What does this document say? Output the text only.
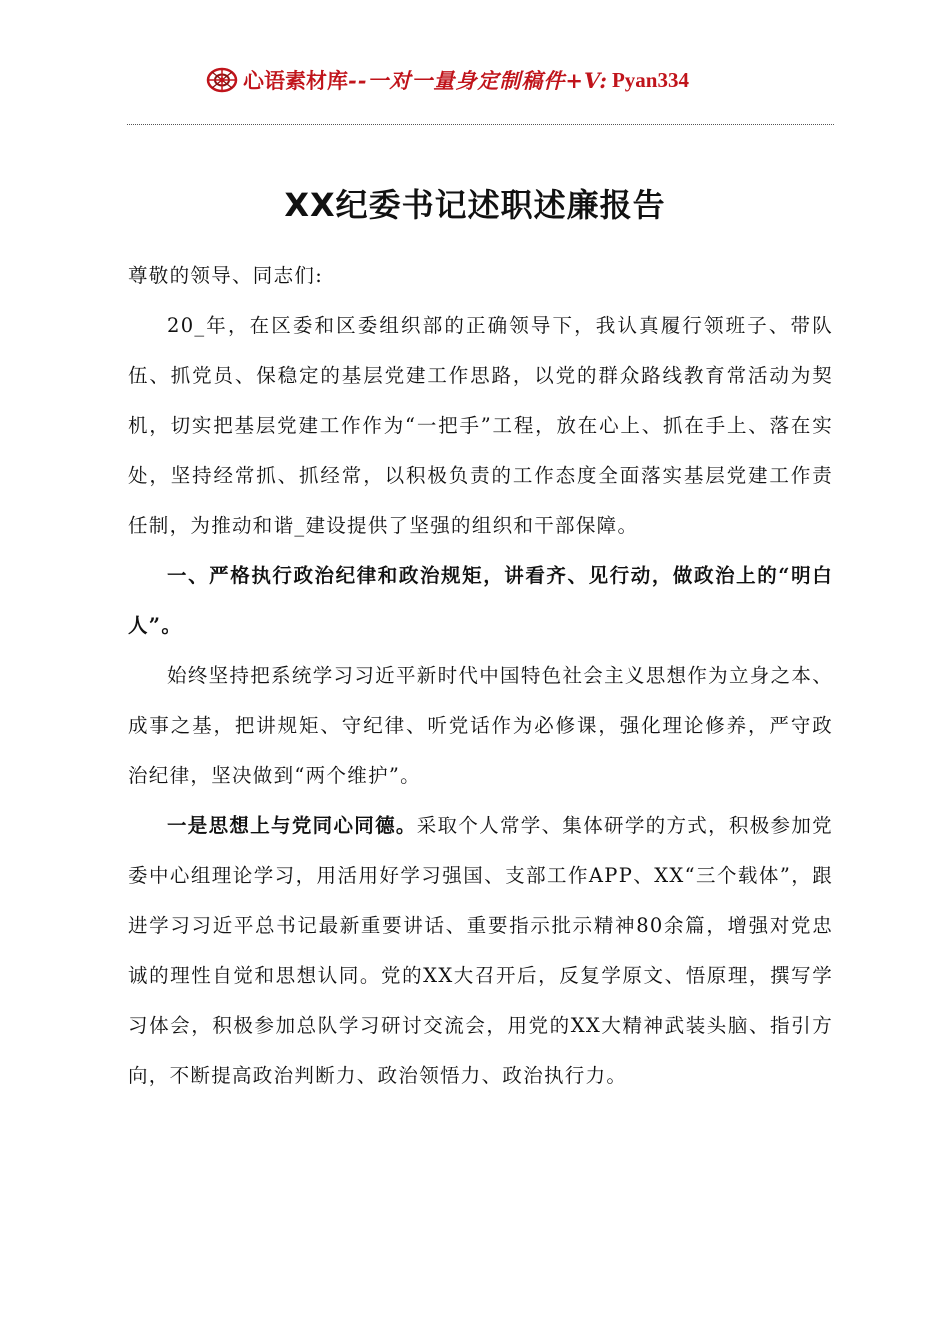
心语素材库 --一对一量身定制稿件+V: Pyan334
XX纪委书记述职述廉报告

尊敬的领导、同志们:

20_年，在区委和区委组织部的正确领导下，我认真履行领班子、带队伍、抓党员、保稳定的基层党建工作思路，以党的群众路线教育常活动为契机，切实把基层党建工作作为“一把手”工程，放在心上、抓在手上、落在实处，坚持经常抓、抓经常，以积极负责的工作态度全面落实基层党建工作责任制，为推动和谐_建设提供了坚强的组织和干部保障。

一、严格执行政治纪律和政治规矩，讲看齐、见行动，做政治上的“明白人”。

始终坚持把系统学习习近平新时代中国特色社会主义思想作为立身之本、成事之基，把讲规矩、守纪律、听党话作为必修课，强化理论修养，严守政治纪律，坚决做到“两个维护”。

一是思想上与党同心同德。采取个人常学、集体研学的方式，积极参加党委中心组理论学习，用活用好学习强国、支部工作APP、XX“三个载体”，跟进学习习近平总书记最新重要讲话、重要指示批示精神80余篇，增强对党忠诚的理性自觉和思想认同。党的XX大召开后，反复学原文、悟原理，撰写学习体会，积极参加总队学习研讨交流会，用党的XX大精神武装头脑、指引方向，不断提高政治判断力、政治领悟力、政治执行力。
